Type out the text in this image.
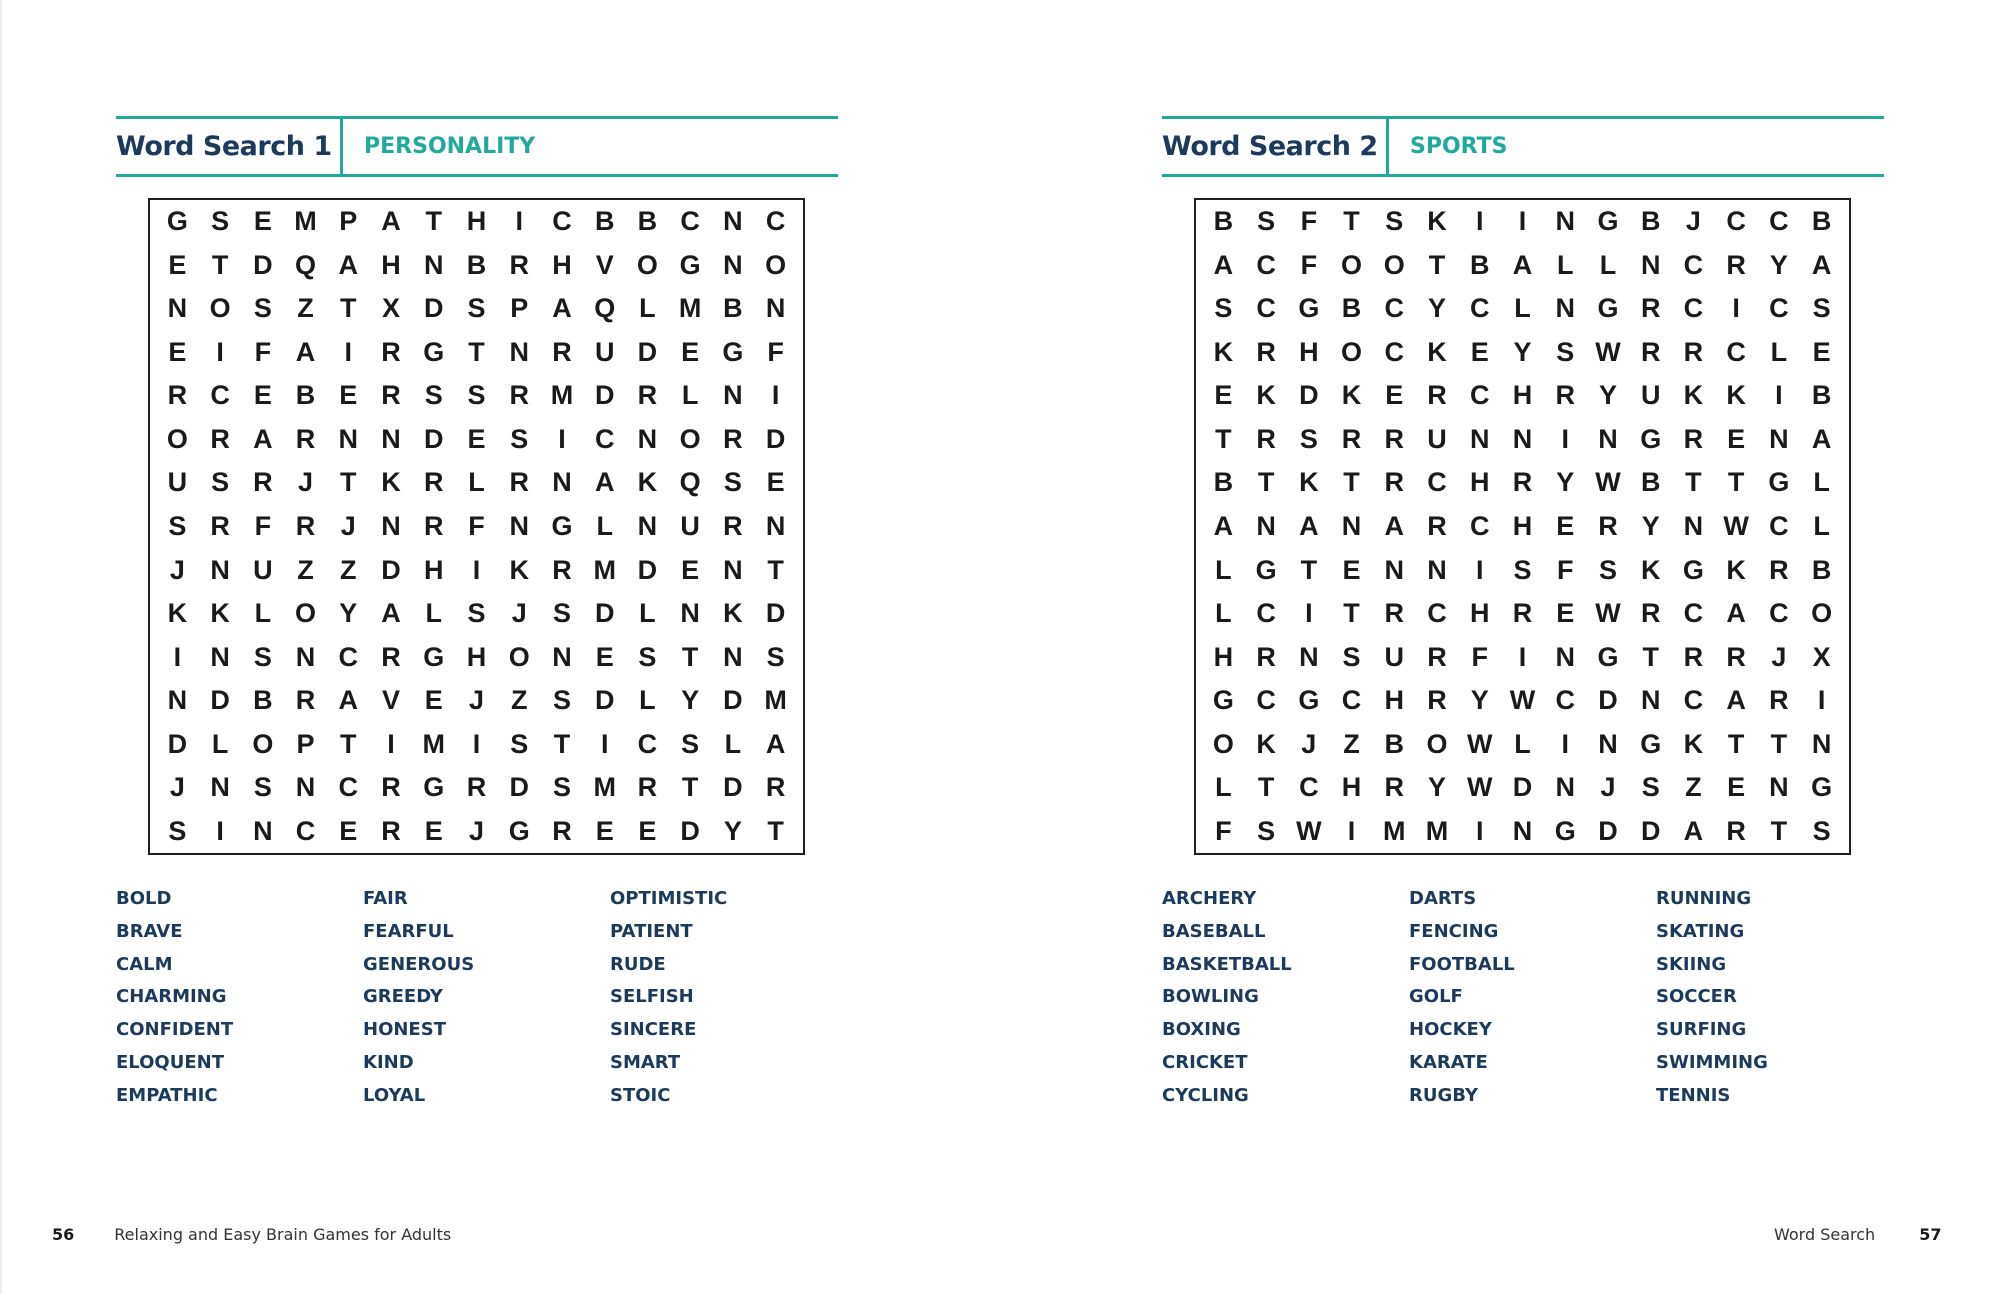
Word Search 1	PERSONALITY
G S E M P A T H	I	C B B C N C
E T D Q A H N B R H V O G N O
N O S Z T X D S P A Q L M B N
E	I	F A	I	R G T N R U D E G F
R C E B E R S S R M D R L N	I
O R A R N N D E S	I	C N O R D
U S R J T K R L R N A K Q S E
S R F R J N R F N G L N U R N
J N U Z Z D H	I	K R M D E N T
K K L O Y A L S J S D L N K D
I	N S N C R G H O N E S T N S
N D B R A V E J Z S D L Y D M
D L O P T	I	M	I	S T	I	C S L A
J N S N C R G R D S M R T D R
S	I	N C E R E J G R E E D Y T
BOLD
BRAVE
CALM
CHARMING
CONFIDENT
ELOQUENT
EMPATHIC
FAIR
FEARFUL
GENEROUS
GREEDY
HONEST
KIND
LOYAL
OPTIMISTIC
PATIENT
RUDE
SELFISH
SINCERE
SMART
STOIC
Word Search 2	SPORTS
B S F T S K	I	I	N G B J C C B
A C F O O T B A L L N C R Y A
S C G B C Y C L N G R C	I	C S
K R H O C K E Y S W R R C L E
E K D K E R C H R Y U K K	I	B
T R S R R U N N	I	N G R E N A
B T K T R C H R Y W B T T G L
A N A N A R C H E R Y N W C L
L G T E N N	I	S F S K G K R B
L C	I	T R C H R E W R C A C O
H R N S U R F	I	N G T R R J X
G C G C H R Y W C D N C A R	I
O K J Z B O W L	I	N G K T T N
L T C H R Y W D N J S Z E N G
F S W I	M M	I	N G D D A R T S
ARCHERY
BASEBALL
BASKETBALL
BOWLING
BOXING
CRICKET
CYCLING
DARTS
FENCING
FOOTBALL
GOLF
HOCKEY
KARATE
RUGBY
RUNNING
SKATING
SKIING
SOCCER
SURFING
SWIMMING
TENNIS
56	Relaxing and Easy Brain Games for Adults	Word Search	57
